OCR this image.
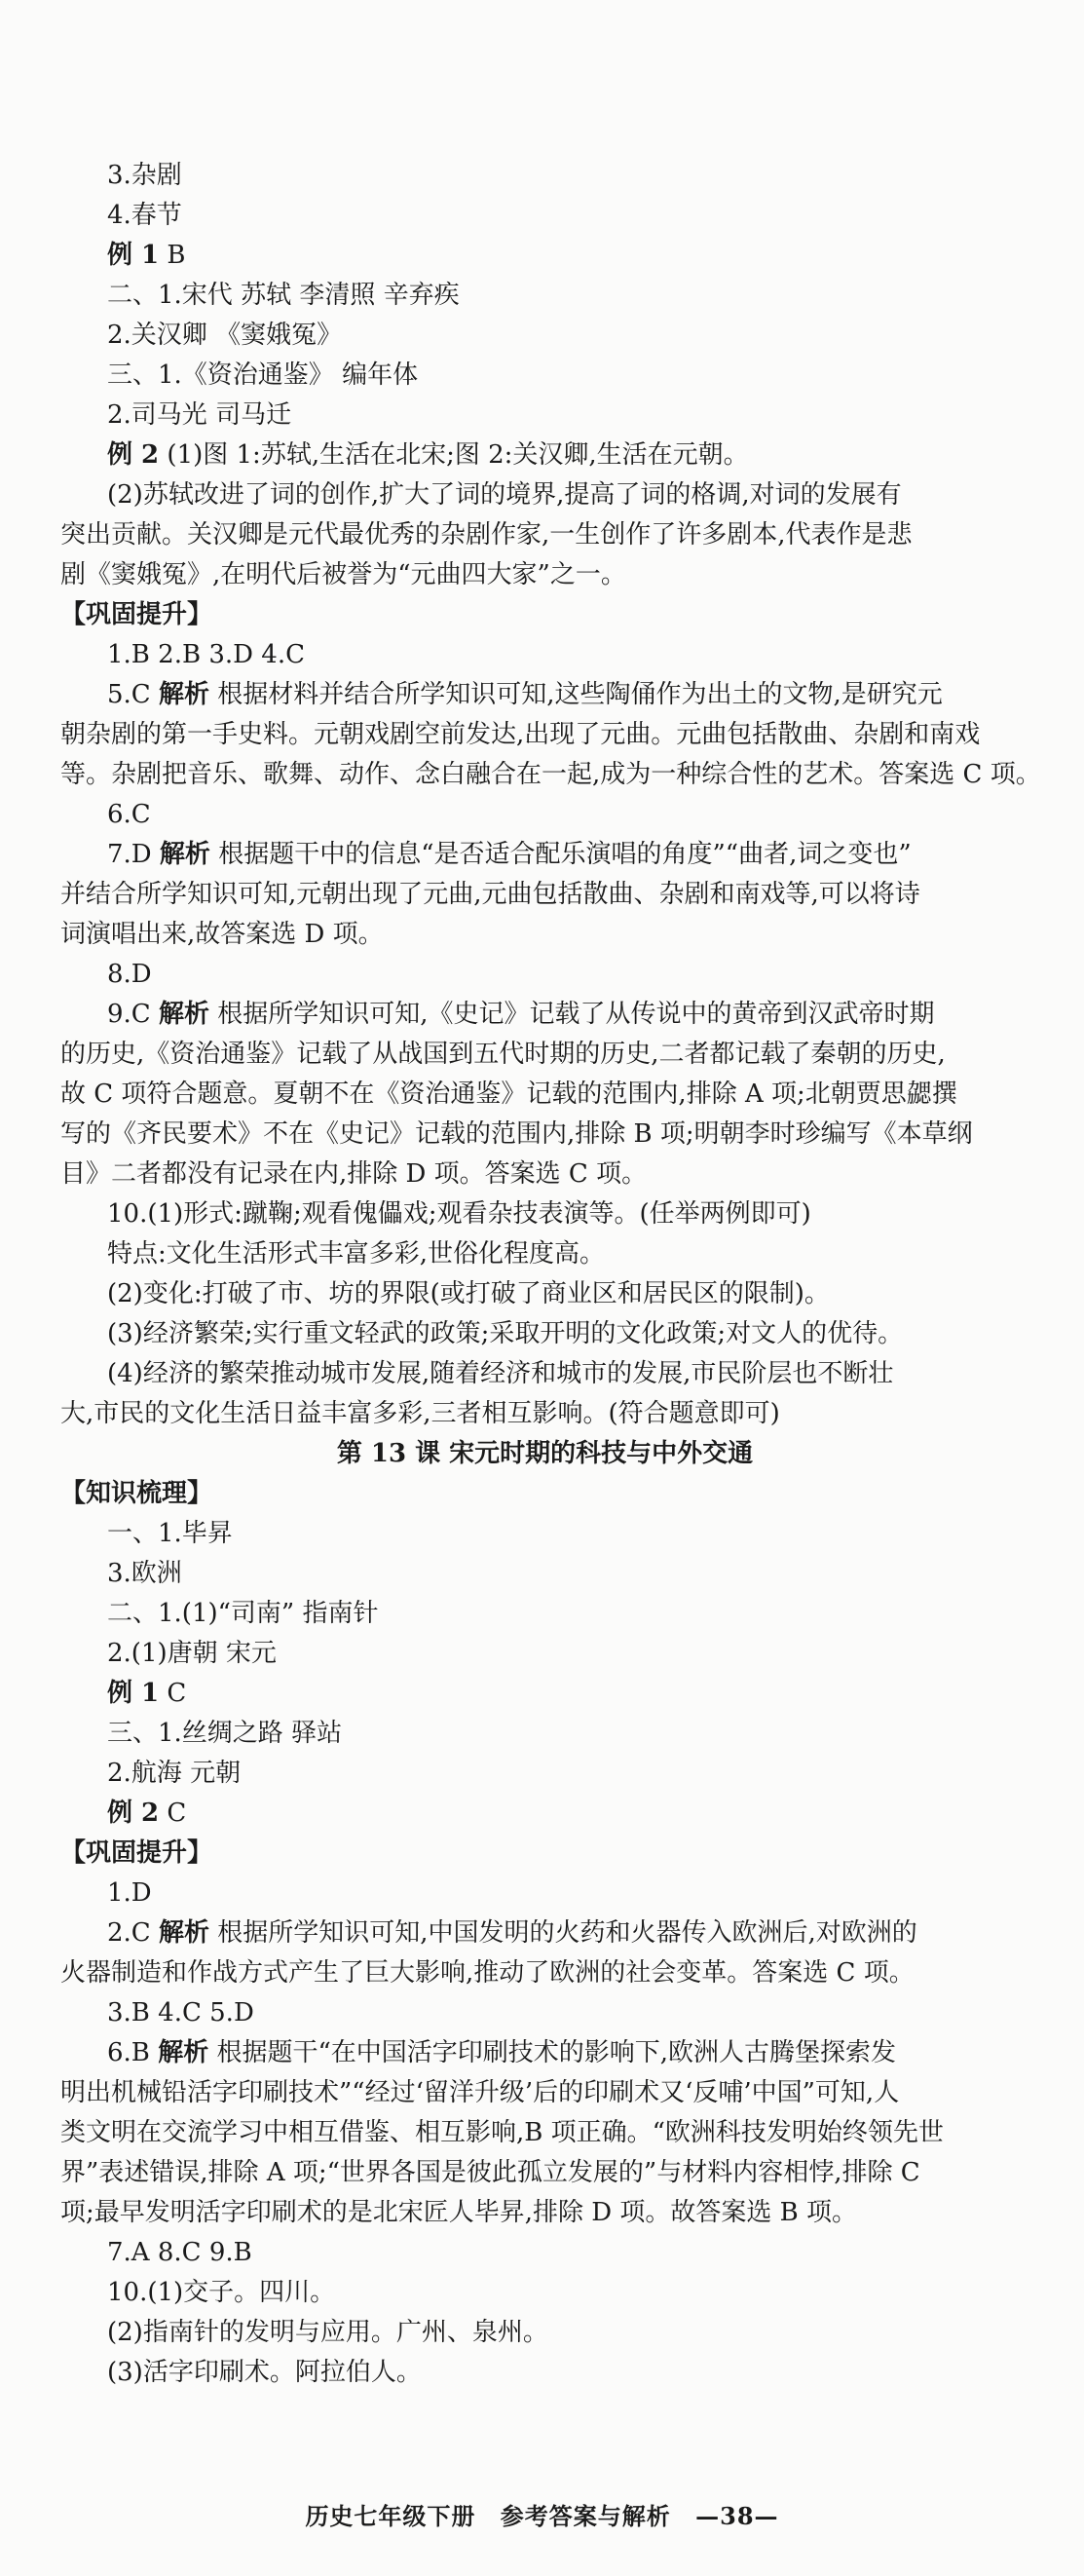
3.杂剧
4.春节
例 1 B
二、1.宋代 苏轼 李清照 辛弃疾
2.关汉卿 《窦娥冤》
三、1.《资治通鉴》 编年体
2.司马光 司马迁
例 2 (1)图 1:苏轼,生活在北宋;图 2:关汉卿,生活在元朝。
(2)苏轼改进了词的创作,扩大了词的境界,提高了词的格调,对词的发展有
突出贡献。关汉卿是元代最优秀的杂剧作家,一生创作了许多剧本,代表作是悲
剧《窦娥冤》,在明代后被誉为“元曲四大家”之一。
【巩固提升】
1.B 2.B 3.D 4.C
5.C 解析 根据材料并结合所学知识可知,这些陶俑作为出土的文物,是研究元
朝杂剧的第一手史料。元朝戏剧空前发达,出现了元曲。元曲包括散曲、杂剧和南戏
等。杂剧把音乐、歌舞、动作、念白融合在一起,成为一种综合性的艺术。答案选 C 项。
6.C
7.D 解析 根据题干中的信息“是否适合配乐演唱的角度”“曲者,词之变也”
并结合所学知识可知,元朝出现了元曲,元曲包括散曲、杂剧和南戏等,可以将诗
词演唱出来,故答案选 D 项。
8.D
9.C 解析 根据所学知识可知,《史记》记载了从传说中的黄帝到汉武帝时期
的历史,《资治通鉴》记载了从战国到五代时期的历史,二者都记载了秦朝的历史,
故 C 项符合题意。夏朝不在《资治通鉴》记载的范围内,排除 A 项;北朝贾思勰撰
写的《齐民要术》不在《史记》记载的范围内,排除 B 项;明朝李时珍编写《本草纲
目》二者都没有记录在内,排除 D 项。答案选 C 项。
10.(1)形式:蹴鞠;观看傀儡戏;观看杂技表演等。(任举两例即可)
特点:文化生活形式丰富多彩,世俗化程度高。
(2)变化:打破了市、坊的界限(或打破了商业区和居民区的限制)。
(3)经济繁荣;实行重文轻武的政策;采取开明的文化政策;对文人的优待。
(4)经济的繁荣推动城市发展,随着经济和城市的发展,市民阶层也不断壮
大,市民的文化生活日益丰富多彩,三者相互影响。(符合题意即可)
第 13 课 宋元时期的科技与中外交通
【知识梳理】
一、1.毕昇
3.欧洲
二、1.(1)“司南” 指南针
2.(1)唐朝 宋元
例 1 C
三、1.丝绸之路 驿站
2.航海 元朝
例 2 C
【巩固提升】
1.D
2.C 解析 根据所学知识可知,中国发明的火药和火器传入欧洲后,对欧洲的
火器制造和作战方式产生了巨大影响,推动了欧洲的社会变革。答案选 C 项。
3.B 4.C 5.D
6.B 解析 根据题干“在中国活字印刷技术的影响下,欧洲人古腾堡探索发
明出机械铅活字印刷技术”“经过‘留洋升级’后的印刷术又‘反哺’中国”可知,人
类文明在交流学习中相互借鉴、相互影响,B 项正确。“欧洲科技发明始终领先世
界”表述错误,排除 A 项;“世界各国是彼此孤立发展的”与材料内容相悖,排除 C
项;最早发明活字印刷术的是北宋匠人毕昇,排除 D 项。故答案选 B 项。
7.A 8.C 9.B
10.(1)交子。四川。
(2)指南针的发明与应用。广州、泉州。
(3)活字印刷术。阿拉伯人。
历史七年级下册 参考答案与解析 —38—
